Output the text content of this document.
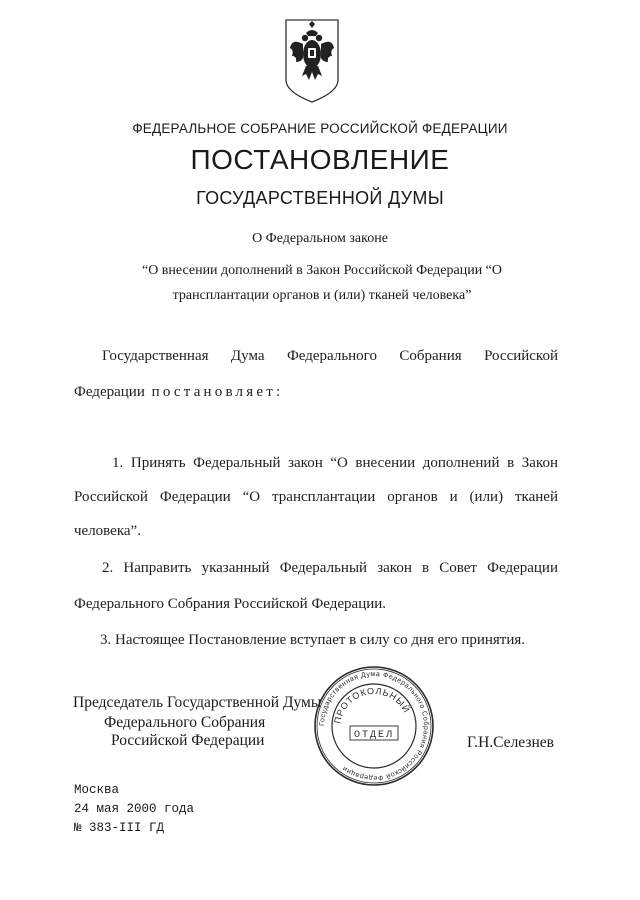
ФЕДЕРАЛЬНОЕ СОБРАНИЕ РОССИЙСКОЙ ФЕДЕРАЦИИ
ПОСТАНОВЛЕНИЕ
ГОСУДАРСТВЕННОЙ ДУМЫ
О Федеральном законе
“О внесении дополнений в Закон Российской Федерации “О трансплантации органов и (или) тканей человека”
Государственная Дума Федерального Собрания Российской
Федерации постановляет:
1. Принять Федеральный закон “О внесении дополнений в Закон
Российской Федерации “О трансплантации органов и (или) тканей
человека”.
2. Направить указанный Федеральный закон в Совет Федерации
Федерального Собрания Российской Федерации.
3. Настоящее Постановление вступает в силу со дня его принятия.
Председатель Государственной Думы
Федерального Собрания
Российской Федерации	Г.Н.Селезнев
Государственная Дума Федерального Собрания Российской Федерации
ПРОТОКОЛЬНЫЙ
ОТДЕЛ
Москва
24 мая 2000 года
№ 383-III ГД
